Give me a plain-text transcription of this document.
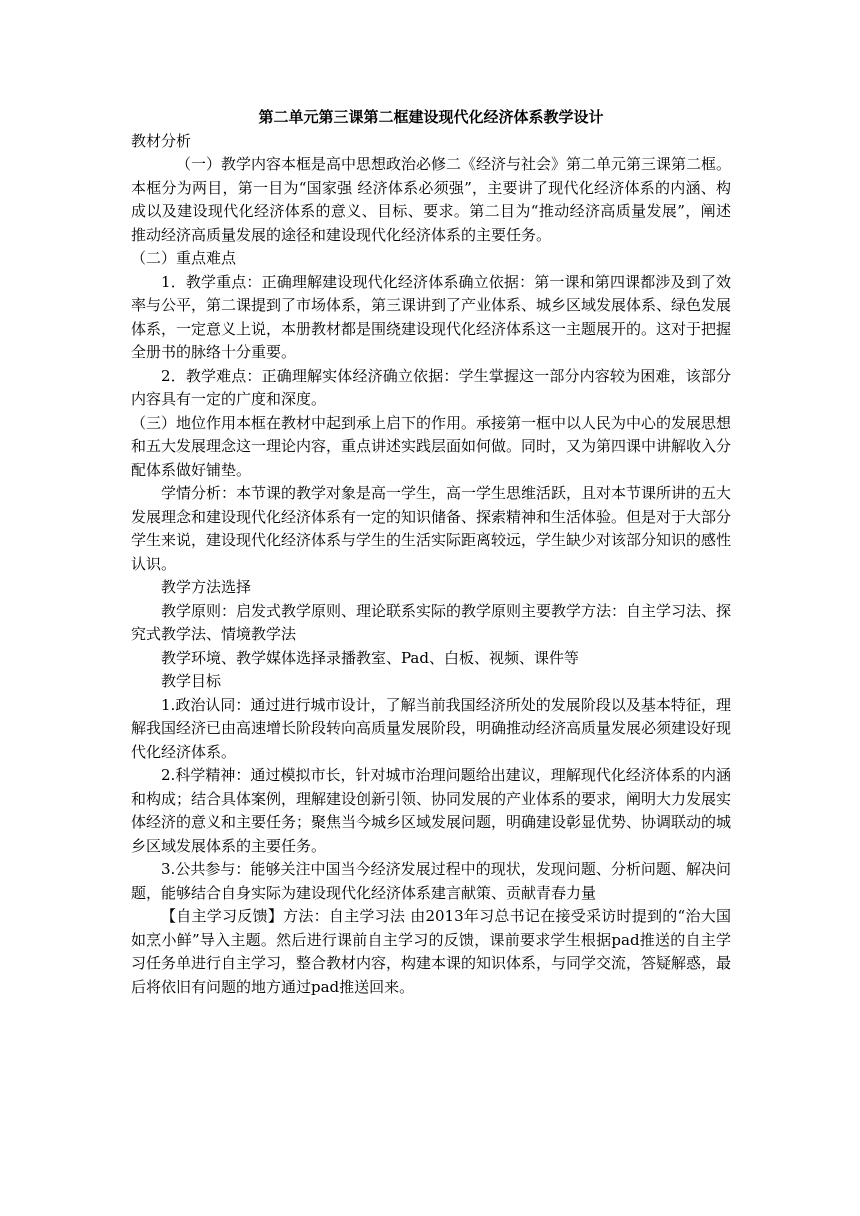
第二单元第三课第二框建设现代化经济体系教学设计

教材分析

（一）教学内容本框是高中思想政治必修二《经济与社会》第二单元第三课第二框。本框分为两目，第一目为“国家强 经济体系必须强”，主要讲了现代化经济体系的内涵、构成以及建设现代化经济体系的意义、目标、要求。第二目为“推动经济高质量发展”，阐述推动经济高质量发展的途径和建设现代化经济体系的主要任务。

（二）重点难点

1．教学重点：正确理解建设现代化经济体系确立依据：第一课和第四课都涉及到了效率与公平，第二课提到了市场体系，第三课讲到了产业体系、城乡区域发展体系、绿色发展体系，一定意义上说，本册教材都是围绕建设现代化经济体系这一主题展开的。这对于把握全册书的脉络十分重要。

2．教学难点：正确理解实体经济确立依据：学生掌握这一部分内容较为困难，该部分内容具有一定的广度和深度。

（三）地位作用本框在教材中起到承上启下的作用。承接第一框中以人民为中心的发展思想和五大发展理念这一理论内容，重点讲述实践层面如何做。同时，又为第四课中讲解收入分配体系做好铺垫。

学情分析：本节课的教学对象是高一学生，高一学生思维活跃，且对本节课所讲的五大发展理念和建设现代化经济体系有一定的知识储备、探索精神和生活体验。但是对于大部分学生来说，建设现代化经济体系与学生的生活实际距离较远，学生缺少对该部分知识的感性认识。

教学方法选择

教学原则：启发式教学原则、理论联系实际的教学原则主要教学方法：自主学习法、探究式教学法、情境教学法

教学环境、教学媒体选择录播教室、Pad、白板、视频、课件等

教学目标

1.政治认同：通过进行城市设计，了解当前我国经济所处的发展阶段以及基本特征，理解我国经济已由高速增长阶段转向高质量发展阶段，明确推动经济高质量发展必须建设好现代化经济体系。

2.科学精神：通过模拟市长，针对城市治理问题给出建议，理解现代化经济体系的内涵和构成；结合具体案例，理解建设创新引领、协同发展的产业体系的要求，阐明大力发展实体经济的意义和主要任务；聚焦当今城乡区域发展问题，明确建设彰显优势、协调联动的城乡区域发展体系的主要任务。

3.公共参与：能够关注中国当今经济发展过程中的现状，发现问题、分析问题、解决问题，能够结合自身实际为建设现代化经济体系建言献策、贡献青春力量

【自主学习反馈】方法：自主学习法 由2013年习总书记在接受采访时提到的“治大国如烹小鲜”导入主题。然后进行课前自主学习的反馈，课前要求学生根据pad推送的自主学习任务单进行自主学习，整合教材内容，构建本课的知识体系，与同学交流，答疑解惑，最后将依旧有问题的地方通过pad推送回来。
